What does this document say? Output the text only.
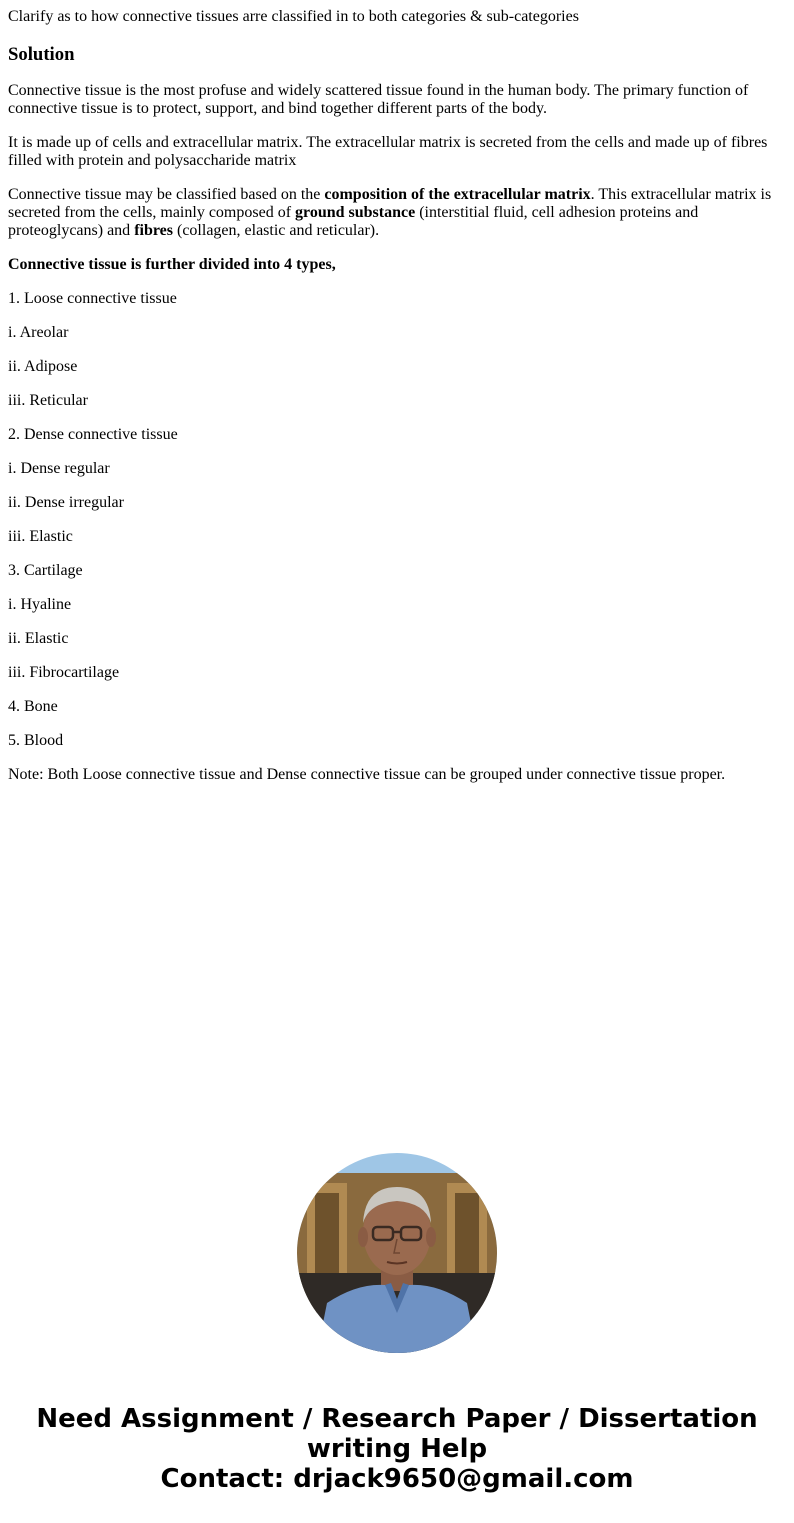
Clarify as to how connective tissues arre classified in to both categories & sub-categories

Solution

Connective tissue is the most profuse and widely scattered tissue found in the human body. The primary function of connective tissue is to protect, support, and bind together different parts of the body.

It is made up of cells and extracellular matrix. The extracellular matrix is secreted from the cells and made up of fibres filled with protein and polysaccharide matrix

Connective tissue may be classified based on the composition of the extracellular matrix. This extracellular matrix is secreted from the cells, mainly composed of ground substance (interstitial fluid, cell adhesion proteins and proteoglycans) and fibres (collagen, elastic and reticular).

Connective tissue is further divided into 4 types,

1. Loose connective tissue

i. Areolar

ii. Adipose

iii. Reticular

2. Dense connective tissue

i. Dense regular

ii. Dense irregular

iii. Elastic

3. Cartilage

i. Hyaline

ii. Elastic

iii. Fibrocartilage

4. Bone

5. Blood

Note: Both Loose connective tissue and Dense connective tissue can be grouped under connective tissue proper.

Need Assignment / Research Paper / Dissertation
writing Help
Contact: drjack9650@gmail.com
